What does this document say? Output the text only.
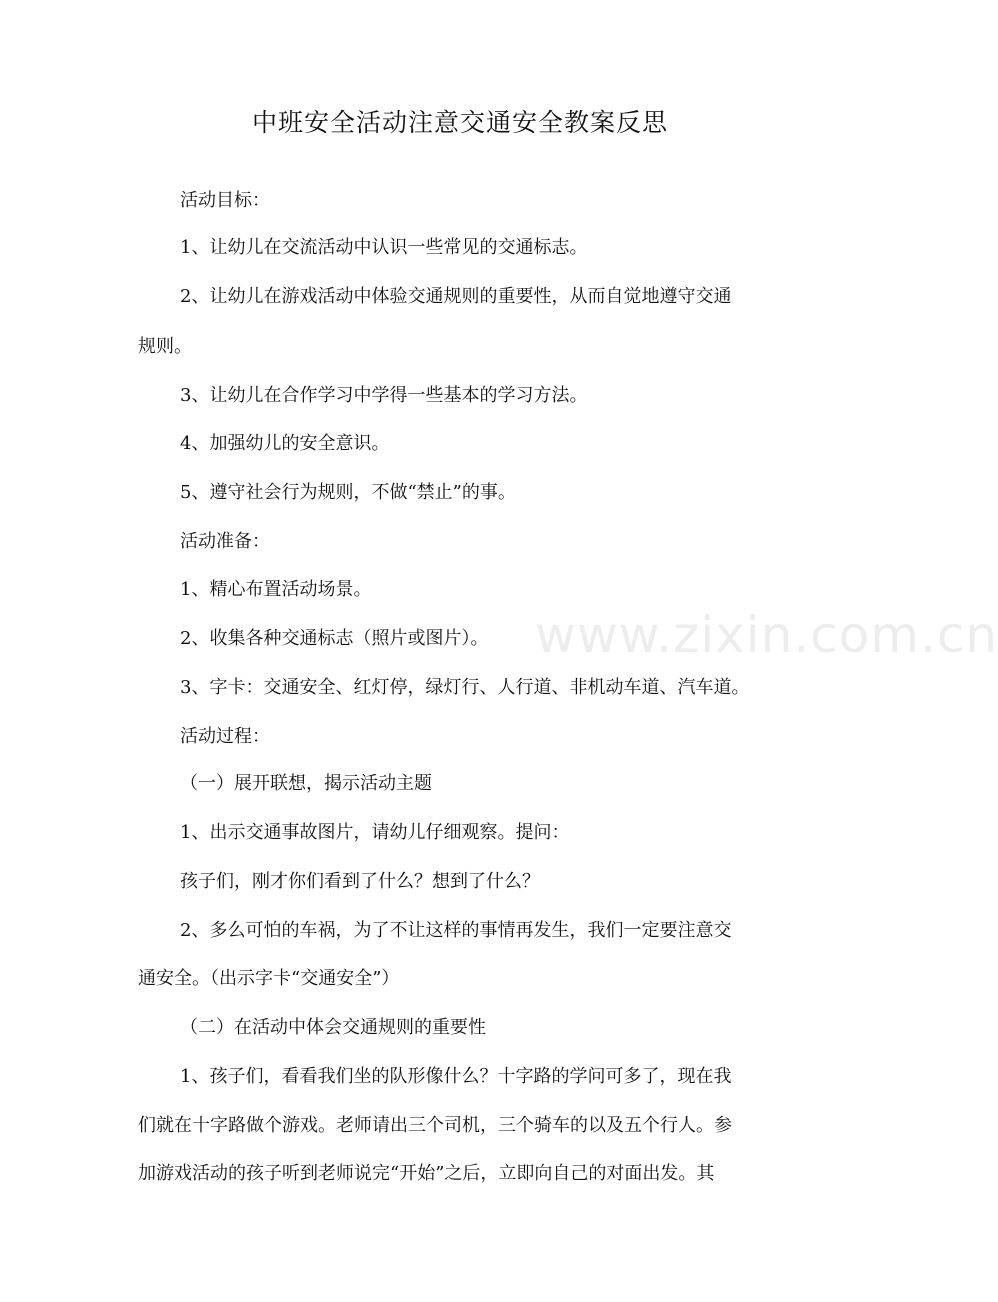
中班安全活动注意交通安全教案反思

活动目标：

1、让幼儿在交流活动中认识一些常见的交通标志。

2、让幼儿在游戏活动中体验交通规则的重要性，从而自觉地遵守交通

规则。

3、让幼儿在合作学习中学得一些基本的学习方法。

4、加强幼儿的安全意识。

5、遵守社会行为规则，不做“禁止”的事。

活动准备：

1、精心布置活动场景。

2、收集各种交通标志（照片或图片）。

3、字卡：交通安全、红灯停，绿灯行、人行道、非机动车道、汽车道。

活动过程：

（一）展开联想，揭示活动主题

1、出示交通事故图片，请幼儿仔细观察。提问：

孩子们，刚才你们看到了什么？想到了什么？

2、多么可怕的车祸，为了不让这样的事情再发生，我们一定要注意交

通安全。（出示字卡“交通安全”）

（二）在活动中体会交通规则的重要性

1、孩子们，看看我们坐的队形像什么？十字路的学问可多了，现在我

们就在十字路做个游戏。老师请出三个司机，三个骑车的以及五个行人。参

加游戏活动的孩子听到老师说完“开始”之后，立即向自己的对面出发。其

www.zixin.com.cn
